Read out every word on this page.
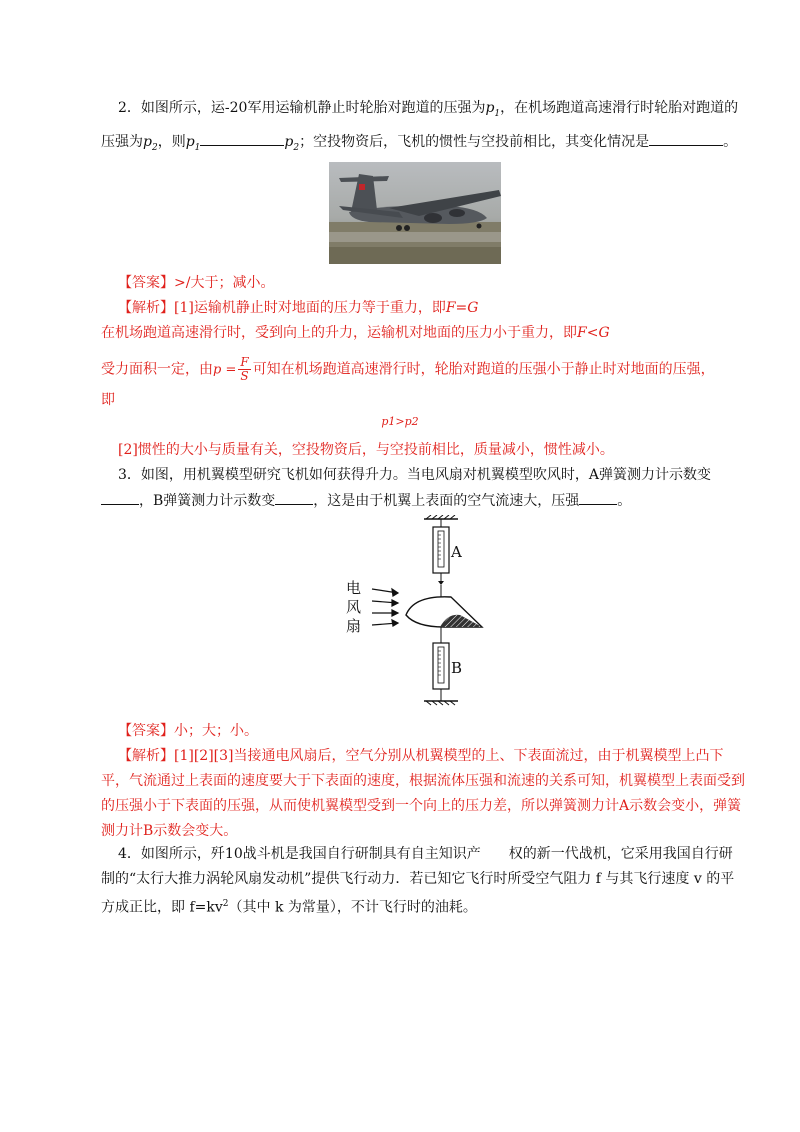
2．如图所示，运-20军用运输机静止时轮胎对跑道的压强为$p_1$，在机场跑道高速滑行时轮胎对跑道的
压强为$p_2$，则$p_1$	$p_2$；空投物资后，飞机的惯性与空投前相比，其变化情况是	。
【答案】>/大于；减小。
【解析】[1]运输机静止时对地面的压力等于重力，即F=G
在机场跑道高速滑行时，受到向上的升力，运输机对地面的压力小于重力，即F<G
受力面积一定，由$p = \frac{F}{S}$ 可知在机场跑道高速滑行时，轮胎对跑道的压强小于静止时对地面的压强，
即
p1>p2
[2]惯性的大小与质量有关，空投物资后，与空投前相比，质量减小，惯性减小。
3．如图，用机翼模型研究飞机如何获得升力。当电风扇对机翼模型吹风时，A弹簧测力计示数变
，B弹簧测力计示数变	，这是由于机翼上表面的空气流速大，压强	。
A
B
电
风
扇
【答案】小；大；小。
【解析】[1][2][3]当接通电风扇后，空气分别从机翼模型的上、下表面流过，由于机翼模型上凸下
平，气流通过上表面的速度要大于下表面的速度，根据流体压强和流速的关系可知，机翼模型上表面受到
的压强小于下表面的压强，从而使机翼模型受到一个向上的压力差，所以弹簧测力计A示数会变小，弹簧
测力计B示数会变大。
4．如图所示，歼10战斗机是我国自行研制具有自主知识产　　权的新一代战机，它采用我国自行研
制的“太行大推力涡轮风扇发动机”提供飞行动力．若已知它飞行时所受空气阻力 f 与其飞行速度 v 的平
方成正比，即 $f=kv^2$（其中 k 为常量），不计飞行时的油耗。
